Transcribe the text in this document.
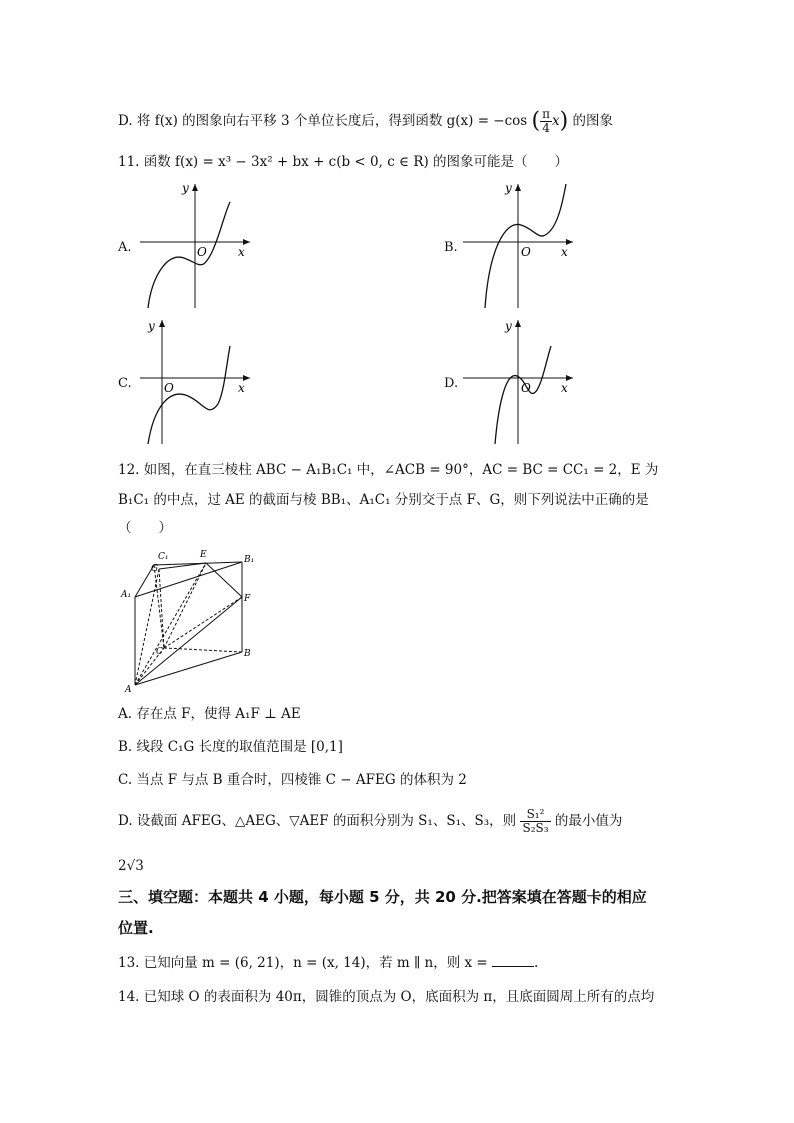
D. 将 f(x) 的图象向右平移 3 个单位长度后，得到函数 g(x) = −cos ( $\frac{\pi}{4} x$) 的图象
11. 函数 f(x) = x³ − 3x² + bx + c(b < 0, c ∈ R) 的图象可能是（　　）
A.	B.
C.	D.
x
y
O	x
y
O
x
y
O	x
y
O
12. 如图，在直三棱柱 ABC − A₁B₁C₁ 中，∠ACB = 90°，AC = BC = CC₁ = 2，E 为
B₁C₁ 的中点，过 AE 的截面与棱 BB₁、A₁C₁ 分别交于点 F、G，则下列说法中正确的是
（　　）
C₁	E	B₁
G
A₁	F
C	B
A
A. 存在点 F，使得 A₁F ⊥ AE
B. 线段 C₁G 长度的取值范围是 [0,1]
C. 当点 F 与点 B 重合时，四棱锥 C − AFEG 的体积为 2
D. 设截面 AFEG、△AEG、▽AEF 的面积分别为 S₁、S₁、S₃，则 $\frac{\text{S₁²}}{\text{S₂S₃}}$ 的最小值为
2√3
三、填空题：本题共 4 小题，每小题 5 分，共 20 分.把答案填在答题卡的相应
位置.
13. 已知向量 m = (6, 21)，n = (x, 14)，若 m ∥ n，则 x =	.
14. 已知球 O 的表面积为 40π，圆锥的顶点为 O，底面积为 π，且底面圆周上所有的点均
